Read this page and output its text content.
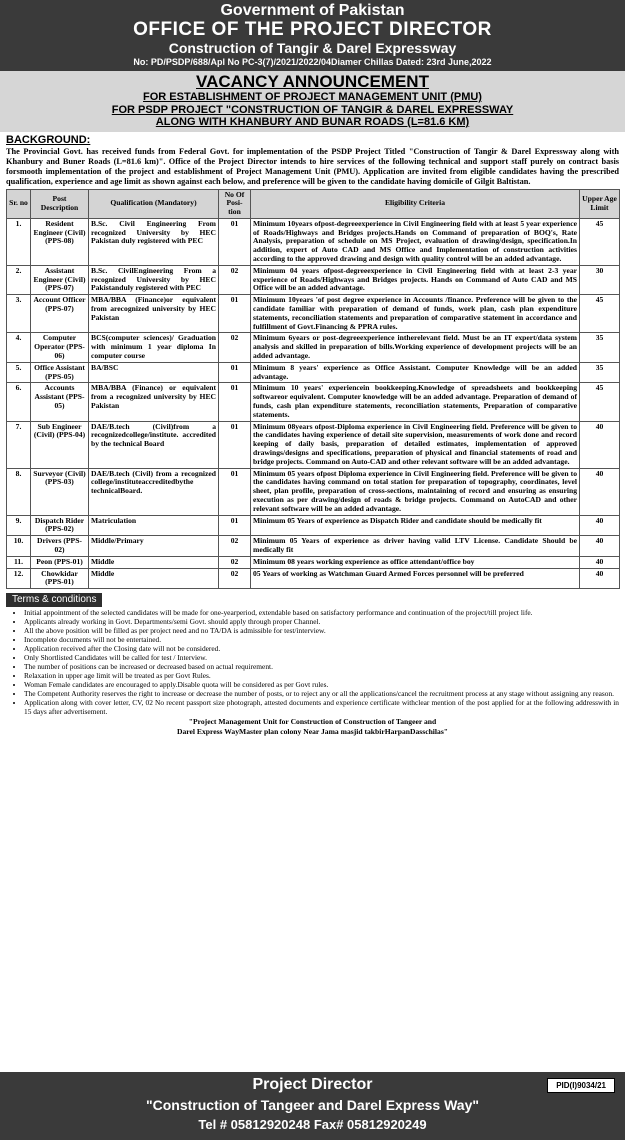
Government of Pakistan
OFFICE OF THE PROJECT DIRECTOR
Construction of Tangir & Darel Expressway
No: PD/PSDP/688/Apl No PC-3(7)/2021/2022/04Diamer Chillas Dated: 23rd June,2022
VACANCY ANNOUNCEMENT
FOR ESTABLISHMENT OF PROJECT MANAGEMENT UNIT (PMU)
FOR PSDP PROJECT "CONSTRUCTION OF TANGIR & DAREL EXPRESSWAY
ALONG WITH KHANBURY AND BUNAR ROADS (L=81.6 KM)
BACKGROUND:
The Provincial Govt. has received funds from Federal Govt. for implementation of the PSDP Project Titled "Construction of Tangir & Darel Expressway along with Khanbury and Buner Roads (L=81.6 km)". Office of the Project Director intends to hire services of the following technical and support staff purely on contract basis forsmooth implementation of the project and establishment of Project Management Unit (PMU). Application are invited from eligible candidates having the prescribed qualification, experience and age limit as shown against each below, and preference will be given to the candidate having domicile of Gilgit Baltistan.
Sr. no	Post Description	Qualification (Mandatory)	No Of Posi-tion	Eligibility Criteria	Upper Age Limit
1.	Resident Engineer (Civil) (PPS-08)	B.Sc. Civil Engineering From recognized University by HEC Pakistan duly registered with PEC	01	Minimum 10years ofpost-degreeexperience in Civil Engineering field with at least 5 year experience of Roads/Highways and Bridges projects.Hands on Command of preparation of BOQ's, Rate Analysis, preparation of schedule on MS Project, evaluation of drawing/design, specification.In addition, expert of Auto CAD and MS Office and Implementation of construction activities according to the approved drawing and design with quality control will be an added advantage.	45
2.	Assistant Engineer (Civil) (PPS-07)	B.Sc. CivilEngineering From a recognized University by HEC Pakistanduly registered with PEC	02	Minimum 04 years ofpost-degreeexperience in Civil Engineering field with at least 2-3 year experience of Roads/Highways and Bridges projects. Hands on Command of Auto CAD and MS Office will be an added advantage.	30
3.	Account Officer (PPS-07)	MBA/BBA (Finance)or equivalent from arecognized university by HEC Pakistan	01	Minimum 10years 'of post degree experience in Accounts /finance. Preference will be given to the candidate familiar with preparation of demand of funds, work plan, cash plan expenditure statements, reconciliation statements and preparation of comparative statement in accordance and fulfillment of Govt.Financing & PPRA rules.	45
4.	Computer Operator (PPS-06)	BCS(computer sciences)/ Graduation with minimum 1 year diploma In computer course	02	Minimum 6years or post-degreeexperience intherelevant field. Must be an IT expert/data system analysis and skilled in preparation of bills.Working experience of development projects will be an added advantage.	35
5.	Office Assistant (PPS-05)	BA/BSC	01	Minimum 8 years' experience as Office Assistant. Computer Knowledge will be an added advantage.	35
6.	Accounts Assistant (PPS-05)	MBA/BBA (Finance) or equivalent from a recognized university by HEC Pakistan	01	Minimum 10 years' experiencein bookkeeping.Knowledge of spreadsheets and bookkeeping softwareor equivalent. Computer knowledge will be an added advantage. Preparation of demand of funds, cash plan expenditure statements, reconciliation statements, Preparation of comparative statements.	45
7.	Sub Engineer (Civil) (PPS-04)	DAE/B.tech (Civil)from a recognizedcollege/institute. accredited by the technical Board	01	Minimum 08years ofpost-Diploma experience in Civil Engineering field. Preference will be given to the candidates having experience of detail site supervision, measurements of work done and record keeping of daily basis, preparation of detailed estimates, implementation of approved drawings/designs and specifications, preparation of physical and financial statements of road and bridge projects. Command on Auto-CAD and other relevant software will be an added advantage.	40
8.	Surveyor (Civil) (PPS-03)	DAE/B.tech (Civil) from a recognized college/instituteaccreditedbythe technicalBoard.	01	Minimum 05 years ofpost Diploma experience in Civil Engineering field. Preference will be given to the candidates having command on total station for preparation of topography, coordinates, level sheet, plan profile, preparation of cross-sections, maintaining of record and ensuring as ensuring execution as per drawing/design of roads & bridge projects. Command on AutoCAD and other relevant software will be an added advantage.	40
9.	Dispatch Rider (PPS-02)	Matriculation	01	Minimum 05 Years of experience as Dispatch Rider and candidate should be medically fit	40
10.	Drivers (PPS-02)	Middle/Primary	02	Minimum 05 Years of experience as driver having valid LTV License. Candidate Should be medically fit	40
11.	Peon (PPS-01)	Middle	02	Minimum 08 years working experience as office attendant/office boy	40
12.	Chowkidar (PPS-01)	Middle	02	05 Years of working as Watchman Guard Armed Forces personnel will be preferred	40
Terms & conditions
• Initial appointment of the selected candidates will be made for one-yearperiod, extendable based on satisfactory performance and continuation of the project/till project life.
• Applicants already working in Govt. Departments/semi Govt. should apply through proper Channel.
• All the above position will be filled as per project need and no TA/DA is admissible for test/interview.
• Incomplete documents will not be entertained.
• Application received after the Closing date will not be considered.
• Only Shortlisted Candidates will be called for test / Interview.
• The number of positions can be increased or decreased based on actual requirement.
• Relaxation in upper age limit will be treated as per Govt Rules.
• Woman Female candidates are encouraged to apply.Disable quota will be considered as per Govt rules.
• The Competent Authority reserves the right to increase or decrease the number of posts, or to reject any or all the applications/cancel the recruitment process at any stage without assigning any reason.
• Application along with cover letter, CV, 02 No recent passport size photograph, attested documents and experience certificate withclear mention of the post applied for at the following addresswith in 15 days after advertisement.
"Project Management Unit for Construction of Construction of Tangeer and
Darel Express WayMaster plan colony Near Jama masjid takbirHarpanDasschilas"
Project Director
"Construction of Tangeer and Darel Express Way"
Tel # 05812920248 Fax# 05812920249
PID(I)9034/21
